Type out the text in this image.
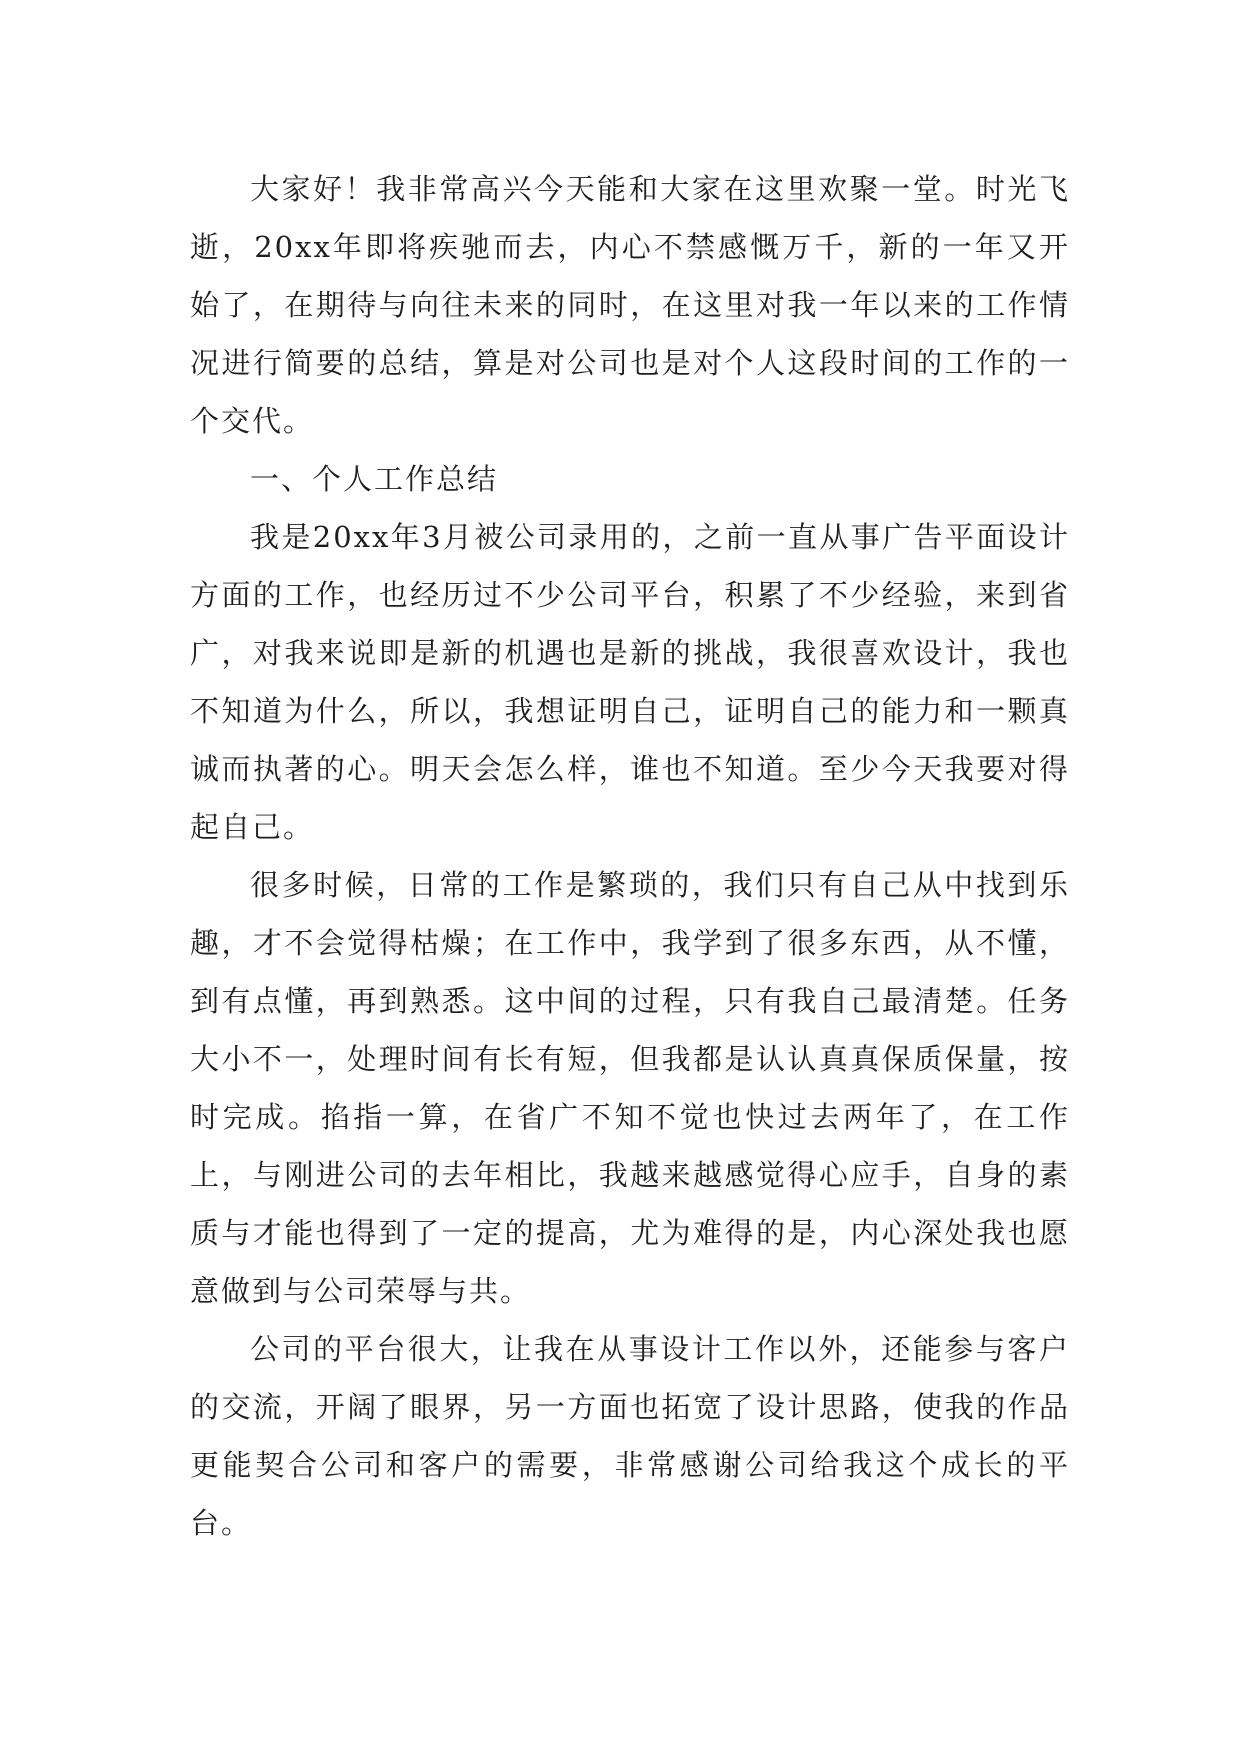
大家好！我非常高兴今天能和大家在这里欢聚一堂。时光飞逝，20xx年即将疾驰而去，内心不禁感慨万千，新的一年又开始了，在期待与向往未来的同时，在这里对我一年以来的工作情况进行简要的总结，算是对公司也是对个人这段时间的工作的一个交代。

一、个人工作总结

我是20xx年3月被公司录用的，之前一直从事广告平面设计方面的工作，也经历过不少公司平台，积累了不少经验，来到省广，对我来说即是新的机遇也是新的挑战，我很喜欢设计，我也不知道为什么，所以，我想证明自己，证明自己的能力和一颗真诚而执著的心。明天会怎么样，谁也不知道。至少今天我要对得起自己。

很多时候，日常的工作是繁琐的，我们只有自己从中找到乐趣，才不会觉得枯燥；在工作中，我学到了很多东西，从不懂，到有点懂，再到熟悉。这中间的过程，只有我自己最清楚。任务大小不一，处理时间有长有短，但我都是认认真真保质保量，按时完成。掐指一算，在省广不知不觉也快过去两年了，在工作上，与刚进公司的去年相比，我越来越感觉得心应手，自身的素质与才能也得到了一定的提高，尤为难得的是，内心深处我也愿意做到与公司荣辱与共。

公司的平台很大，让我在从事设计工作以外，还能参与客户的交流，开阔了眼界，另一方面也拓宽了设计思路，使我的作品更能契合公司和客户的需要，非常感谢公司给我这个成长的平台。
